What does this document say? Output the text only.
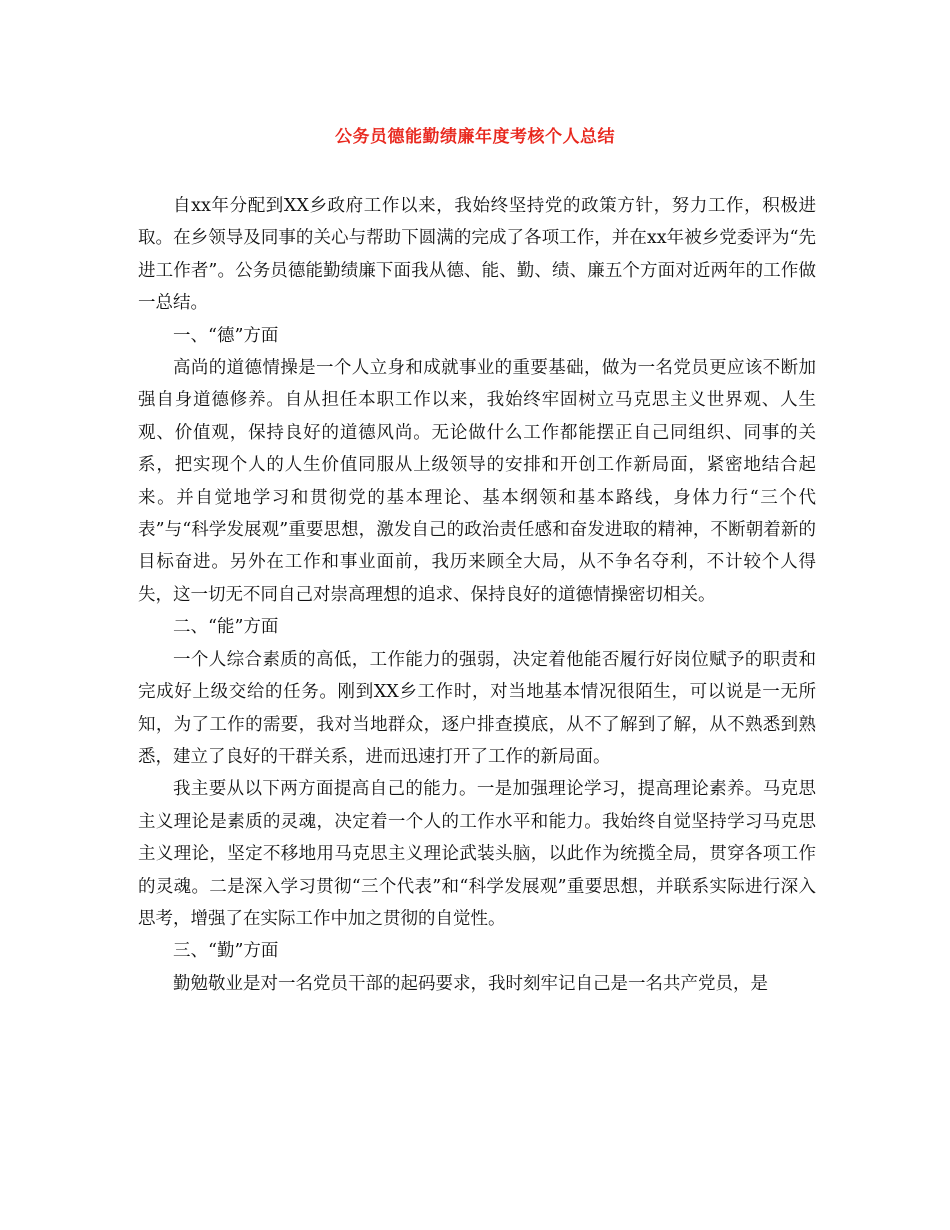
公务员德能勤绩廉年度考核个人总结

自xx年分配到XX乡政府工作以来，我始终坚持党的政策方针，努力工作，积极进取。在乡领导及同事的关心与帮助下圆满的完成了各项工作，并在xx年被乡党委评为“先进工作者”。公务员德能勤绩廉下面我从德、能、勤、绩、廉五个方面对近两年的工作做一总结。

一、“德”方面

高尚的道德情操是一个人立身和成就事业的重要基础，做为一名党员更应该不断加强自身道德修养。自从担任本职工作以来，我始终牢固树立马克思主义世界观、人生观、价值观，保持良好的道德风尚。无论做什么工作都能摆正自己同组织、同事的关系，把实现个人的人生价值同服从上级领导的安排和开创工作新局面，紧密地结合起来。并自觉地学习和贯彻党的基本理论、基本纲领和基本路线，身体力行“三个代表”与“科学发展观”重要思想，激发自己的政治责任感和奋发进取的精神，不断朝着新的目标奋进。另外在工作和事业面前，我历来顾全大局，从不争名夺利，不计较个人得失，这一切无不同自己对崇高理想的追求、保持良好的道德情操密切相关。

二、“能”方面

一个人综合素质的高低，工作能力的强弱，决定着他能否履行好岗位赋予的职责和完成好上级交给的任务。刚到XX乡工作时，对当地基本情况很陌生，可以说是一无所知，为了工作的需要，我对当地群众，逐户排查摸底，从不了解到了解，从不熟悉到熟悉，建立了良好的干群关系，进而迅速打开了工作的新局面。

我主要从以下两方面提高自己的能力。一是加强理论学习，提高理论素养。马克思主义理论是素质的灵魂，决定着一个人的工作水平和能力。我始终自觉坚持学习马克思主义理论，坚定不移地用马克思主义理论武装头脑，以此作为统揽全局，贯穿各项工作的灵魂。二是深入学习贯彻“三个代表”和“科学发展观”重要思想，并联系实际进行深入思考，增强了在实际工作中加之贯彻的自觉性。

三、“勤”方面

勤勉敬业是对一名党员干部的起码要求，我时刻牢记自己是一名共产党员，是
